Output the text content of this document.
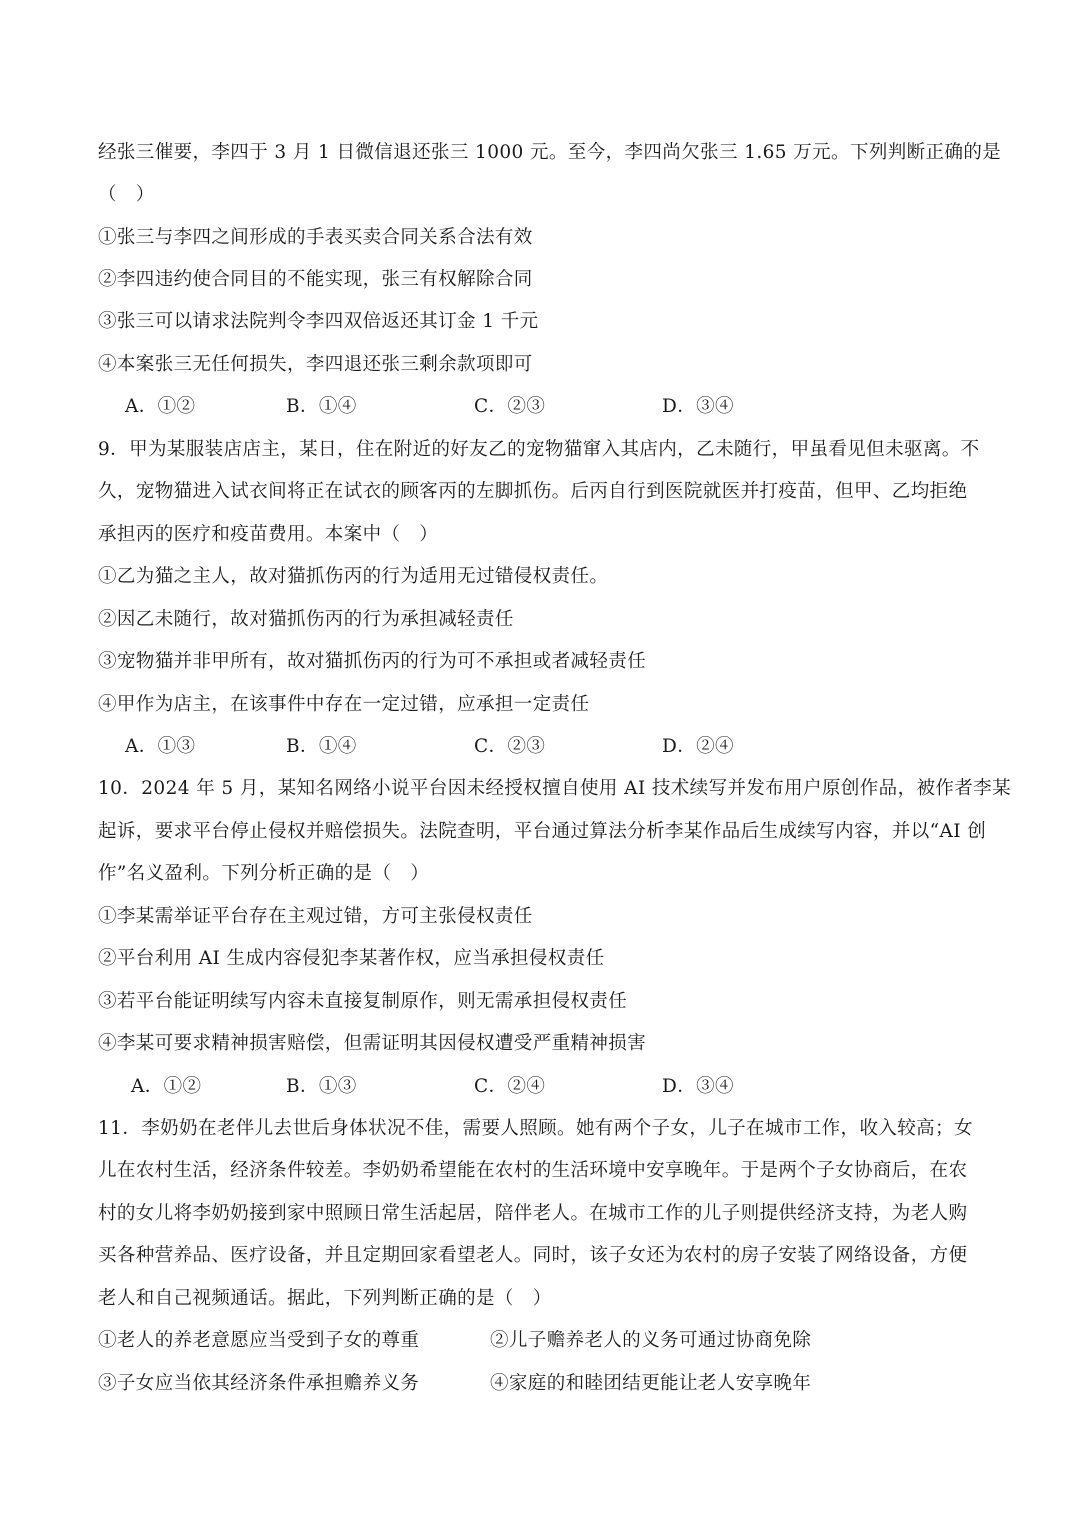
经张三催要，李四于 3 月 1 日微信退还张三 1000 元。至今，李四尚欠张三 1.65 万元。下列判断正确的是
（　）
①张三与李四之间形成的手表买卖合同关系合法有效
②李四违约使合同目的不能实现，张三有权解除合同
③张三可以请求法院判令李四双倍返还其订金 1 千元
④本案张三无任何损失，李四退还张三剩余款项即可
A．①②	B．①④	C．②③	D．③④
9．甲为某服装店店主，某日，住在附近的好友乙的宠物猫窜入其店内，乙未随行，甲虽看见但未驱离。不
久，宠物猫进入试衣间将正在试衣的顾客丙的左脚抓伤。后丙自行到医院就医并打疫苗，但甲、乙均拒绝
承担丙的医疗和疫苗费用。本案中（　）
①乙为猫之主人，故对猫抓伤丙的行为适用无过错侵权责任。
②因乙未随行，故对猫抓伤丙的行为承担减轻责任
③宠物猫并非甲所有，故对猫抓伤丙的行为可不承担或者减轻责任
④甲作为店主，在该事件中存在一定过错，应承担一定责任
A．①③	B．①④	C．②③	D．②④
10．2024 年 5 月，某知名网络小说平台因未经授权擅自使用 AI 技术续写并发布用户原创作品，被作者李某
起诉，要求平台停止侵权并赔偿损失。法院查明，平台通过算法分析李某作品后生成续写内容，并以“AI 创
作”名义盈利。下列分析正确的是（　）
①李某需举证平台存在主观过错，方可主张侵权责任
②平台利用 AI 生成内容侵犯李某著作权，应当承担侵权责任
③若平台能证明续写内容未直接复制原作，则无需承担侵权责任
④李某可要求精神损害赔偿，但需证明其因侵权遭受严重精神损害
A．①②	B．①③	C．②④	D．③④
11．李奶奶在老伴儿去世后身体状况不佳，需要人照顾。她有两个子女，儿子在城市工作，收入较高；女
儿在农村生活，经济条件较差。李奶奶希望能在农村的生活环境中安享晚年。于是两个子女协商后，在农
村的女儿将李奶奶接到家中照顾日常生活起居，陪伴老人。在城市工作的儿子则提供经济支持，为老人购
买各种营养品、医疗设备，并且定期回家看望老人。同时，该子女还为农村的房子安装了网络设备，方便
老人和自己视频通话。据此，下列判断正确的是（　）
①老人的养老意愿应当受到子女的尊重	②儿子赡养老人的义务可通过协商免除
③子女应当依其经济条件承担赡养义务	④家庭的和睦团结更能让老人安享晚年
